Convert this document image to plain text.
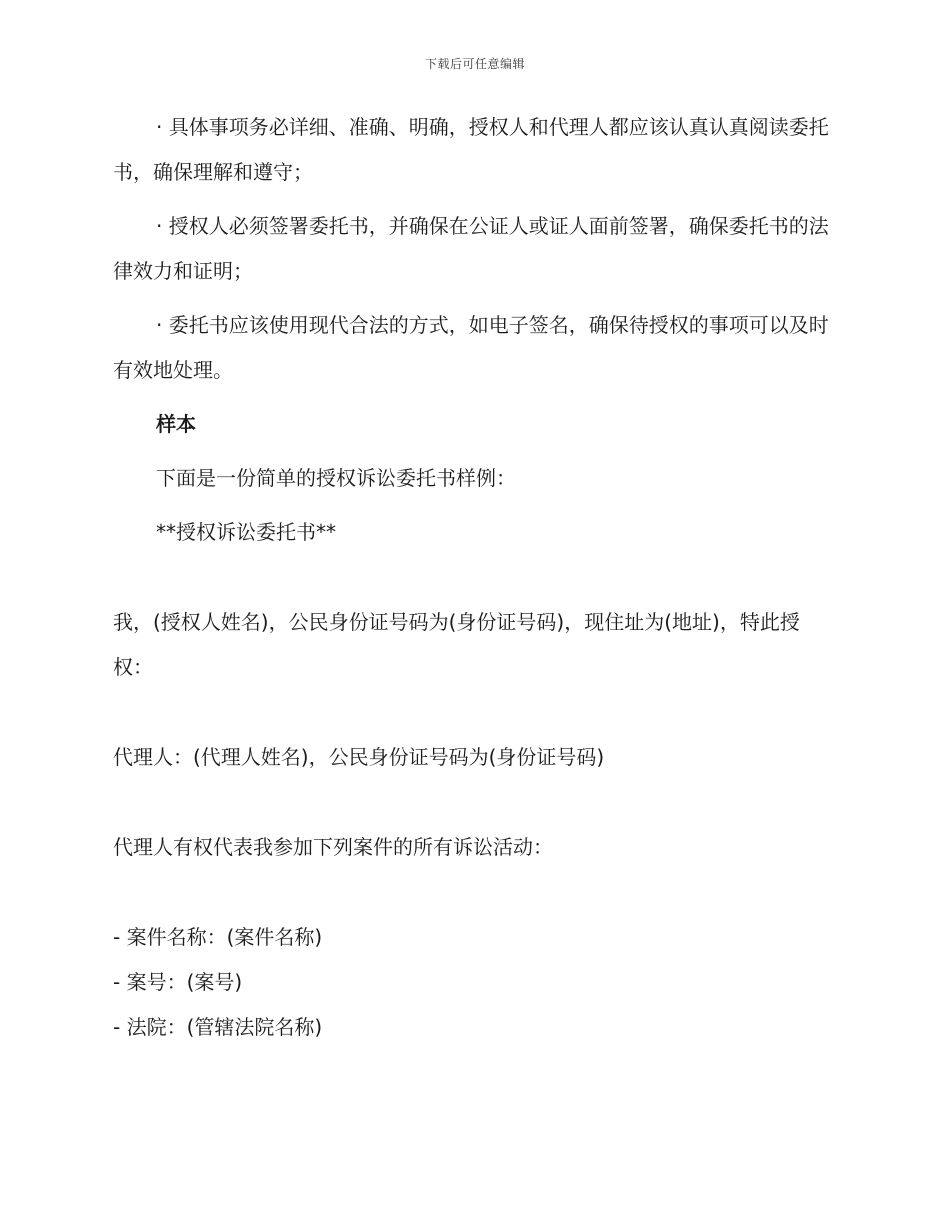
下载后可任意编辑

· 具体事项务必详细、准确、明确，授权人和代理人都应该认真认真阅读委托书，确保理解和遵守；

· 授权人必须签署委托书，并确保在公证人或证人面前签署，确保委托书的法律效力和证明；

· 委托书应该使用现代合法的方式，如电子签名，确保待授权的事项可以及时有效地处理。

样本

下面是一份简单的授权诉讼委托书样例：

**授权诉讼委托书**

我，(授权人姓名)，公民身份证号码为(身份证号码)，现住址为(地址)，特此授权：

代理人：(代理人姓名)，公民身份证号码为(身份证号码)

代理人有权代表我参加下列案件的所有诉讼活动：

- 案件名称：(案件名称)

- 案号：(案号)

- 法院：(管辖法院名称)
